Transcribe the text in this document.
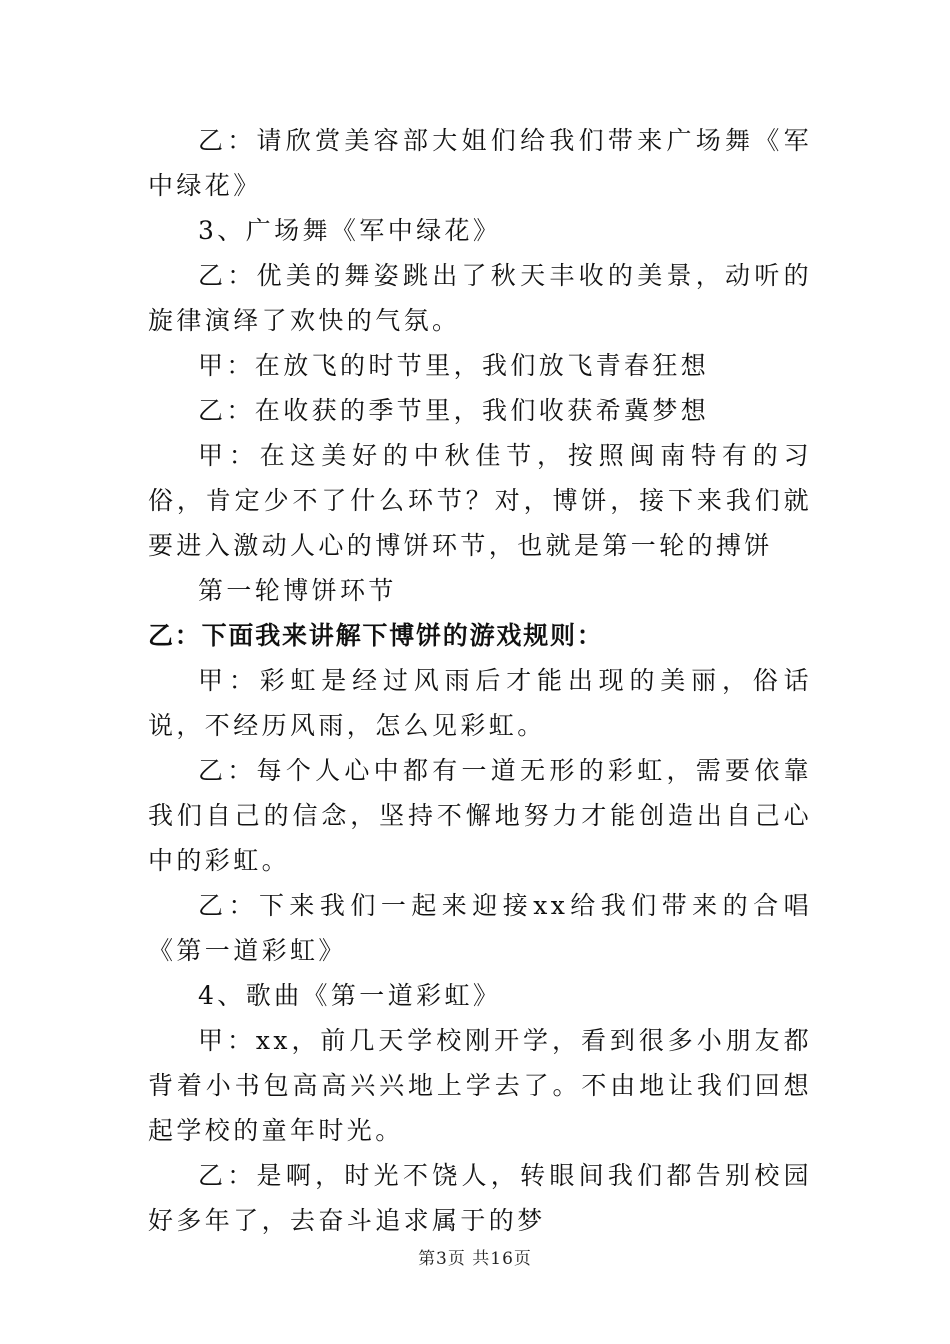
乙：请欣赏美容部大姐们给我们带来广场舞《军中绿花》

3、广场舞《军中绿花》

乙：优美的舞姿跳出了秋天丰收的美景，动听的旋律演绎了欢快的气氛。

甲：在放飞的时节里，我们放飞青春狂想

乙：在收获的季节里，我们收获希冀梦想

甲：在这美好的中秋佳节，按照闽南特有的习俗，肯定少不了什么环节？对，博饼，接下来我们就要进入激动人心的博饼环节，也就是第一轮的搏饼

第一轮博饼环节

乙：下面我来讲解下博饼的游戏规则：

甲：彩虹是经过风雨后才能出现的美丽，俗话说，不经历风雨，怎么见彩虹。

乙：每个人心中都有一道无形的彩虹，需要依靠我们自己的信念，坚持不懈地努力才能创造出自己心中的彩虹。

乙：下来我们一起来迎接xx给我们带来的合唱《第一道彩虹》

4、歌曲《第一道彩虹》

甲：xx，前几天学校刚开学，看到很多小朋友都背着小书包高高兴兴地上学去了。不由地让我们回想起学校的童年时光。

乙：是啊，时光不饶人，转眼间我们都告别校园好多年了，去奋斗追求属于的梦

第3页 共16页
